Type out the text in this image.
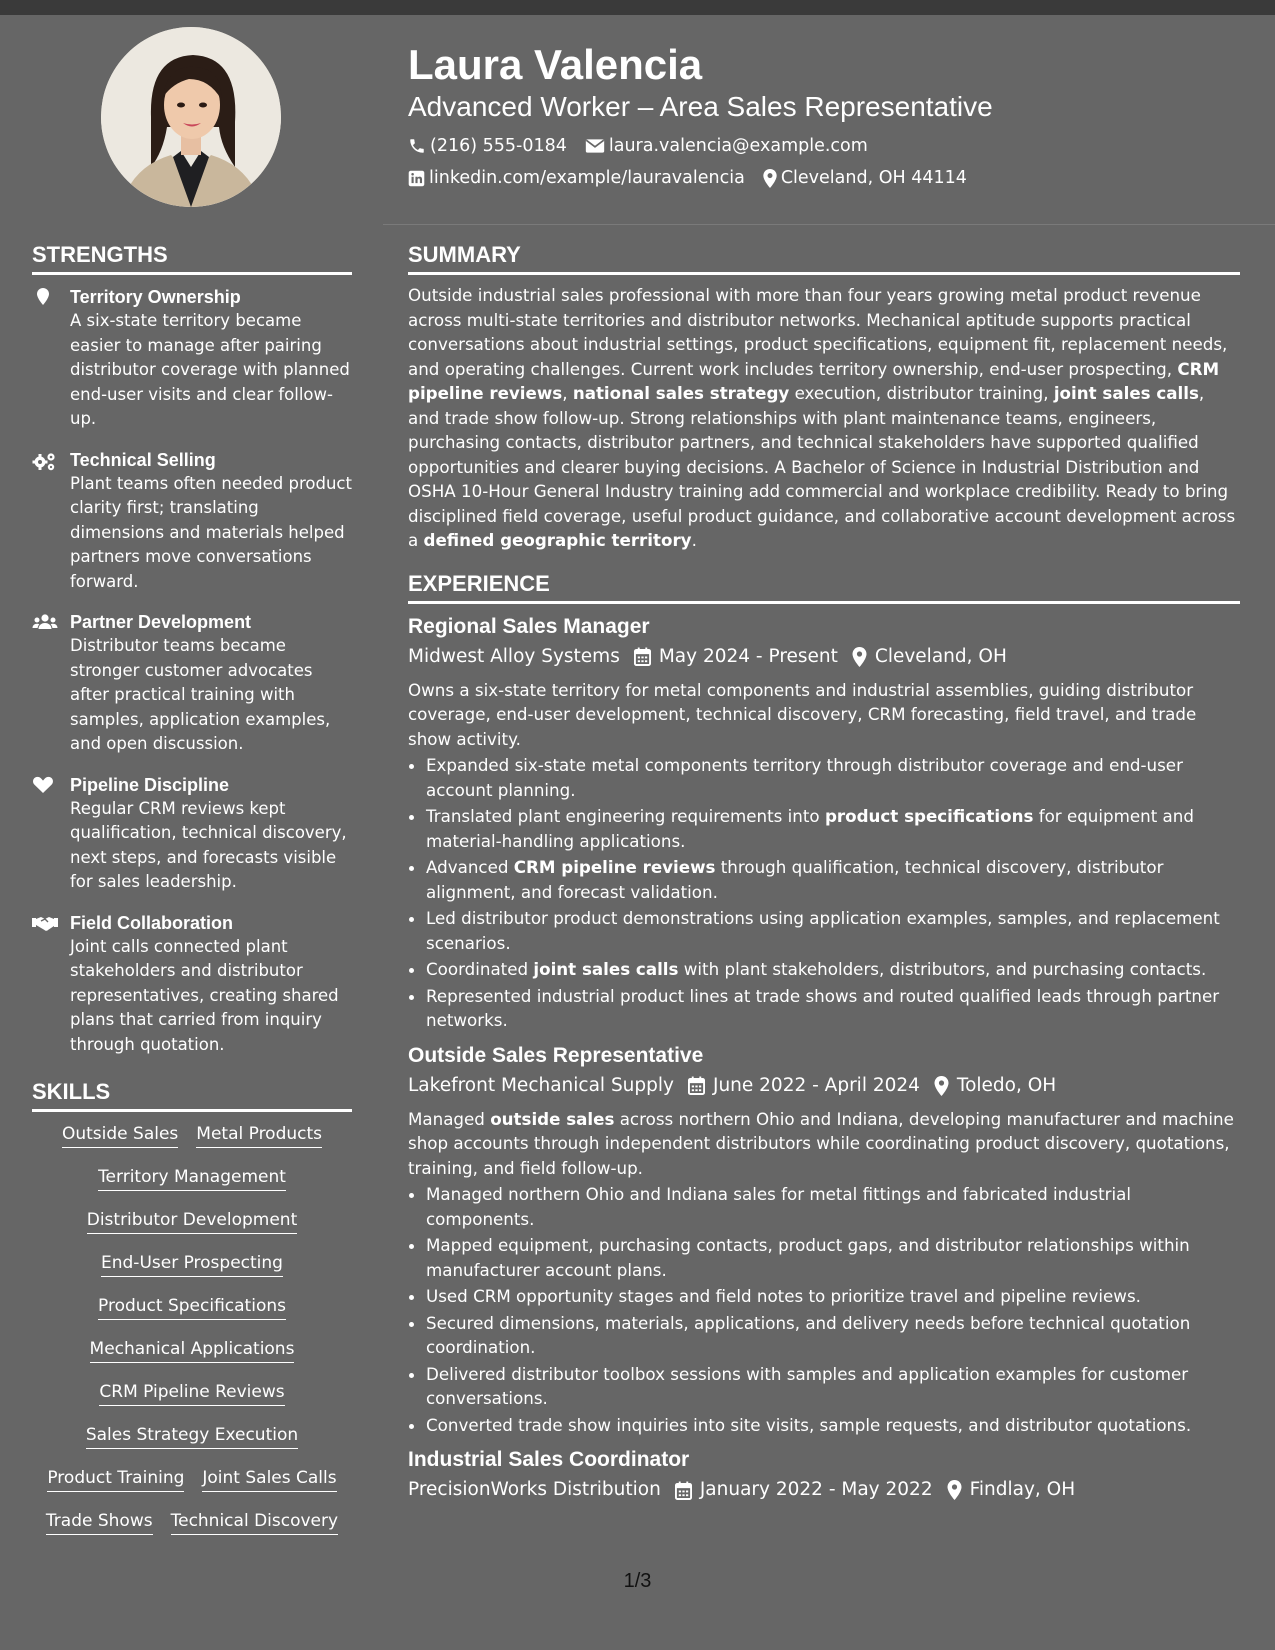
Laura Valencia
Advanced Worker – Area Sales Representative
(216) 555-0184 laura.valencia@example.com
linkedin.com/example/lauravalencia Cleveland, OH 44114
STRENGTHS
Territory Ownership
A six-state territory became easier to manage after pairing distributor coverage with planned end-user visits and clear follow-up.
Technical Selling
Plant teams often needed product clarity first; translating dimensions and materials helped partners move conversations forward.
Partner Development
Distributor teams became stronger customer advocates after practical training with samples, application examples, and open discussion.
Pipeline Discipline
Regular CRM reviews kept qualification, technical discovery, next steps, and forecasts visible for sales leadership.
Field Collaboration
Joint calls connected plant stakeholders and distributor representatives, creating shared plans that carried from inquiry through quotation.
SKILLS
Outside Sales Metal Products
Territory Management
Distributor Development
End-User Prospecting
Product Specifications
Mechanical Applications
CRM Pipeline Reviews
Sales Strategy Execution
Product Training Joint Sales Calls
Trade Shows Technical Discovery
SUMMARY

Outside industrial sales professional with more than four years growing metal product revenue across multi-state territories and distributor networks. Mechanical aptitude supports practical conversations about industrial settings, product specifications, equipment fit, replacement needs, and operating challenges. Current work includes territory ownership, end-user prospecting, CRM pipeline reviews, national sales strategy execution, distributor training, joint sales calls, and trade show follow-up. Strong relationships with plant maintenance teams, engineers, purchasing contacts, distributor partners, and technical stakeholders have supported qualified opportunities and clearer buying decisions. A Bachelor of Science in Industrial Distribution and OSHA 10-Hour General Industry training add commercial and workplace credibility. Ready to bring disciplined field coverage, useful product guidance, and collaborative account development across a defined geographic territory.

EXPERIENCE
Regional Sales Manager
Midwest Alloy Systems May 2024 - Present Cleveland, OH

Owns a six-state territory for metal components and industrial assemblies, guiding distributor coverage, end-user development, technical discovery, CRM forecasting, field travel, and trade show activity.

• Expanded six-state metal components territory through distributor coverage and end-user account planning.
• Translated plant engineering requirements into product specifications for equipment and material-handling applications.
• Advanced CRM pipeline reviews through qualification, technical discovery, distributor alignment, and forecast validation.
• Led distributor product demonstrations using application examples, samples, and replacement scenarios.
• Coordinated joint sales calls with plant stakeholders, distributors, and purchasing contacts.
• Represented industrial product lines at trade shows and routed qualified leads through partner networks.
Outside Sales Representative
Lakefront Mechanical Supply June 2022 - April 2024 Toledo, OH

Managed outside sales across northern Ohio and Indiana, developing manufacturer and machine shop accounts through independent distributors while coordinating product discovery, quotations, training, and field follow-up.

• Managed northern Ohio and Indiana sales for metal fittings and fabricated industrial components.
• Mapped equipment, purchasing contacts, product gaps, and distributor relationships within manufacturer account plans.
• Used CRM opportunity stages and field notes to prioritize travel and pipeline reviews.
• Secured dimensions, materials, applications, and delivery needs before technical quotation coordination.
• Delivered distributor toolbox sessions with samples and application examples for customer conversations.
• Converted trade show inquiries into site visits, sample requests, and distributor quotations.
Industrial Sales Coordinator
PrecisionWorks Distribution January 2022 - May 2022 Findlay, OH
1/3
